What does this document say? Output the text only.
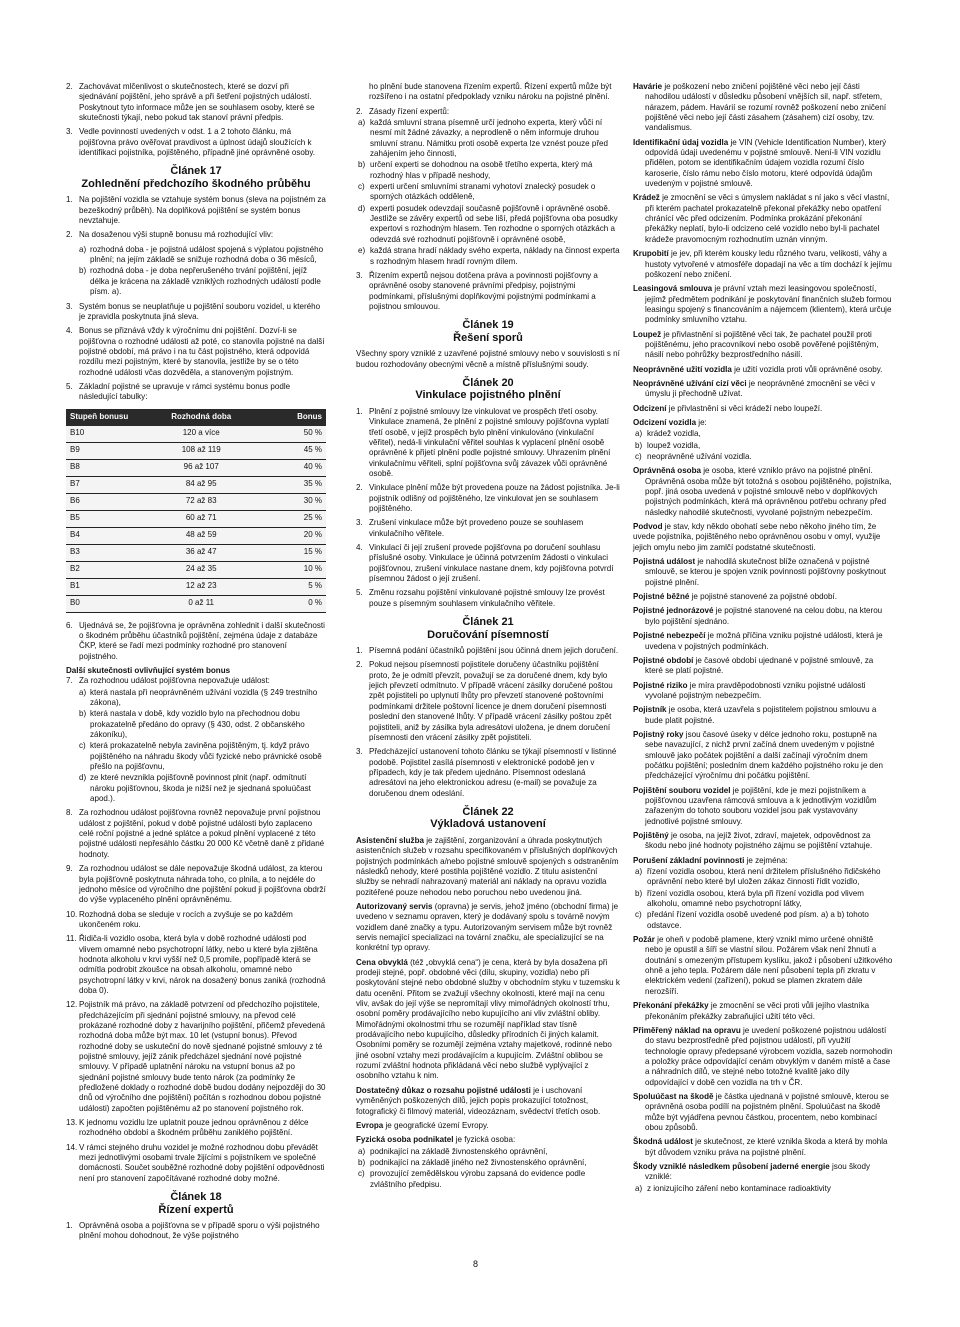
2. Zachovávat mlčenlivost o skutečnostech, které se dozví při sjednávání pojištění, jeho správě a při šetření pojistných událostí. Poskytnout tyto informace může jen se souhlasem osoby, které se skutečnosti týkají, nebo pokud tak stanoví právní předpis.
3. Vedle povinností uvedených v odst. 1 a 2 tohoto článku, má pojišťovna právo ověřovat pravdivost a úplnost údajů sloužících k identifikaci pojistníka, pojištěného, případně jiné oprávněné osoby.
Článek 17
Zohlednění předchozího škodného průběhu
1. Na pojištění vozidla se vztahuje systém bonus (sleva na pojistném za bezeškodný průběh). Na doplňková pojištění se systém bonus nevztahuje.
2. Na dosaženou výši stupně bonusu má rozhodující vliv:
a) rozhodná doba - je pojistná událost spojená s výplatou pojistného plnění; na jejím základě se snižuje rozhodná doba o 36 měsíců,
b) rozhodná doba - je doba nepřerušeného trvání pojištění, jejíž délka je krácena na základě vzniklých rozhodných událostí podle písm. a).
3. Systém bonus se neuplatňuje u pojištění souboru vozidel, u kterého je zpravidla poskytnuta jiná sleva.
4. Bonus se přiznává vždy k výročnímu dni pojištění. Dozví-li se pojišťovna o rozhodné události až poté, co stanovila pojistné na další pojistné období, má právo i na tu část pojistného, která odpovídá rozdílu mezi pojistným, které by stanovila, jestliže by se o této rozhodné události včas dozvěděla, a stanoveným pojistným.
5. Základní pojistné se upravuje v rámci systému bonus podle následující tabulky:
Stupeň bonusu	Rozhodná doba	Bonus
B10	120 a více	50 %
B9	108 až 119	45 %
B8	96 až 107	40 %
B7	84 až 95	35 %
B6	72 až 83	30 %
B5	60 až 71	25 %
B4	48 až 59	20 %
B3	36 až 47	15 %
B2	24 až 35	10 %
B1	12 až 23	5 %
B0	0 až 11	0 %
6. Ujednává se, že pojišťovna je oprávněna zohlednit i další skutečnosti o škodném průběhu účastníků pojištění, zejména údaje z databáze ČKP, které se řadí mezi podmínky rozhodné pro stanovení pojistného.

Další skutečnosti ovlivňující systém bonus

7. Za rozhodnou událost pojišťovna nepovažuje událost:
a) která nastala při neoprávněném užívání vozidla (§ 249 trestního zákona),
b) která nastala v době, kdy vozidlo bylo na přechodnou dobu prokazatelně předáno do opravy (§ 430, odst. 2 občanského zákoníku),
c) která prokazatelně nebyla zaviněna pojištěným, tj. když právo pojištěného na náhradu škody vůči fyzické nebo právnické osobě přešlo na pojišťovnu,
d) ze které nevznikla pojišťovně povinnost plnit (např. odmítnutí nároku pojišťovnou, škoda je nižší než je sjednaná spoluúčast apod.).
8. Za rozhodnou událost pojišťovna rovněž nepovažuje první pojistnou událost z pojištění, pokud v době pojistné události bylo zaplaceno celé roční pojistné a jedné splátce a pokud plnění vyplacené z této pojistné události nepřesáhlo částku 20 000 Kč včetně daně z přidané hodnoty.
9. Za rozhodnou událost se dále nepovažuje škodná událost, za kterou byla pojišťovně poskytnuta náhrada toho, co plnila, a to nejdéle do jednoho měsíce od výročního dne pojištění pokud ji pojišťovna obdrží do výše vyplaceného plnění oprávněnému.
10. Rozhodná doba se sleduje v rocích a zvyšuje se po každém ukončeném roku.
11. Řidiča-li vozidlo osoba, která byla v době rozhodné události pod vlivem omamné nebo psychotropní látky, nebo u které byla zjištěna hodnota alkoholu v krvi vyšší než 0,5 promile, popřípadě která se odmítla podrobit zkoušce na obsah alkoholu, omamné nebo psychotropní látky v krvi, nárok na dosažený bonus zaniká (rozhodná doba 0).
12. Pojistník má právo, na základě potvrzení od předchozího pojistitele, předcházejícím při sjednání pojistné smlouvy, na převod celé prokázané rozhodné doby z havarijního pojištění, přičemž převedená rozhodná doba může být max. 10 let (vstupní bonus). Převod rozhodné doby se uskuteční do nově sjednané pojistné smlouvy z té pojistné smlouvy, jejíž zánik předcházel sjednání nové pojistné smlouvy. V případě uplatnění nároku na vstupní bonus až po sjednání pojistné smlouvy bude tento nárok (za podmínky že předložené doklady o rozhodné době budou dodány nejpozději do 30 dnů od výročního dne pojištění) počítán s rozhodnou dobou pojistné události) započten pojištěnému až po stanovení pojistného rok.
13. K jednomu vozidlu lze uplatnit pouze jednou oprávněnou z délce rozhodného období a škodném průběhu zaniklého pojištění.
14. V rámci stejného druhu vozidel je možné rozhodnou dobu převádět mezi jednotlivými osobami trvale žijícími s pojistníkem ve společné domácnosti. Součet souběžné rozhodné doby pojištění odpovědnosti není pro stanovení započítávané rozhodné doby možné.
Článek 18
Řízení expertů
1. Oprávněná osoba a pojišťovna se v případě sporu o výši pojistného plnění mohou dohodnout, že výše pojistného
ho plnění bude stanovena řízením expertů. Řízení expertů může být rozšířeno i na ostatní předpoklady vzniku nároku na pojistné plnění.
2. Zásady řízení expertů:
a) každá smluvní strana písemně určí jednoho experta, který vůči ní nesmí mít žádné závazky, a neprodleně o něm informuje druhou smluvní stranu. Námitku proti osobě experta lze vznést pouze před zahájením jeho činnosti,
b) určení experti se dohodnou na osobě třetího experta, který má rozhodný hlas v případě neshody,
c) experti určení smluvními stranami vyhotoví znalecký posudek o sporných otázkách odděleně,
d) experti posudek odevzdají současně pojišťovně i oprávněné osobě. Jestliže se závěry expertů od sebe liší, předá pojišťovna oba posudky expertovi s rozhodným hlasem. Ten rozhodne o sporných otázkách a odevzdá své rozhodnutí pojišťovně i oprávněné osobě,
e) každá strana hradí náklady svého experta, náklady na činnost experta s rozhodným hlasem hradí rovným dílem.
3. Řízením expertů nejsou dotčena práva a povinnosti pojišťovny a oprávněné osoby stanovené právními předpisy, pojistnými podmínkami, příslušnými doplňkovými pojistnými podmínkami a pojistnou smlouvou.
Článek 19
Řešení sporů

Všechny spory vzniklé z uzavřené pojistné smlouvy nebo v souvislosti s ní budou rozhodovány obecnými věcně a místně příslušnými soudy.

Článek 20
Vinkulace pojistného plnění
1. Plnění z pojistné smlouvy lze vinkulovat ve prospěch třetí osoby. Vinkulace znamená, že plnění z pojistné smlouvy pojišťovna vyplatí třetí osobě, v jejíž prospěch bylo plnění vinkulováno (vinkulační věřitel), nedá-li vinkulační věřitel souhlas k vyplacení plnění osobě oprávněné k přijetí plnění podle pojistné smlouvy. Uhrazením plnění vinkulačnímu věřiteli, splní pojišťovna svůj závazek vůči oprávněné osobě.
2. Vinkulace plnění může být provedena pouze na žádost pojistníka. Je-li pojistník odlišný od pojištěného, lze vinkulovat jen se souhlasem pojištěného.
3. Zrušení vinkulace může být provedeno pouze se souhlasem vinkulačního věřitele.
4. Vinkulací či její zrušení provede pojišťovna po doručení souhlasu příslušné osoby. Vinkulace je účinná potvrzením žádosti o vinkulaci pojišťovnou, zrušení vinkulace nastane dnem, kdy pojišťovna potvrdí písemnou žádost o její zrušení.
5. Změnu rozsahu pojištění vinkulované pojistné smlouvy lze provést pouze s písemným souhlasem vinkulačního věřitele.
Článek 21
Doručování písemností
1. Písemná podání účastníků pojištění jsou účinná dnem jejich doručení.
2. Pokud nejsou písemnosti pojistitele doručeny účastníku pojištění proto, že je odmítl převzít, považují se za doručené dnem, kdy bylo jejich převzetí odmítnuto. V případě vrácení zásilky doručené poštou zpět pojistiteli po uplynutí lhůty pro převzetí stanovené poštovními podmínkami držitele poštovní licence je dnem doručení písemnosti poslední den stanovené lhůty. V případě vrácení zásilky poštou zpět pojistiteli, aniž by zásilka byla adresátovi uložena, je dnem doručení písemnosti den vrácení zásilky zpět pojistiteli.
3. Předcházející ustanovení tohoto článku se týkají písemností v listinné podobě. Pojistitel zasílá písemnosti v elektronické podobě jen v případech, kdy je tak předem ujednáno. Písemnost odeslaná adresátovi na jeho elektronickou adresu (e-mail) se považuje za doručenou dnem odeslání.
Článek 22
Výkladová ustanovení

Asistenční služba je zajištění, zorganizování a úhrada poskytnutých asistenčních služeb v rozsahu specifikovaném v příslušných doplňkových pojistných podmínkách a/nebo pojistné smlouvě spojených s odstraněním následků nehody, které postihla pojištěné vozidlo. Z titulu asistenční služby se nehradí nahrazovaný materiál ani náklady na opravu vozidla pozitéřené pouze nehodou nebo poruchou nebo uvedenou jiná.

Autorizovaný servis (opravna) je servis, jehož jméno (obchodní firma) je uvedeno v seznamu opraven, který je dodávaný spolu s továrně novým vozidlem dané značky a typu. Autorizovaným servisem může být rovněž servis nemající specializaci na tovární značku, ale specializující se na konkrétní typ opravy.

Cena obvyklá (též „obvyklá cena“) je cena, která by byla dosažena při prodeji stejné, popř. obdobné věci (dílu, skupiny, vozidla) nebo při poskytování stejné nebo obdobné služby v obchodním styku v tuzemsku k datu ocenění. Přitom se zvažují všechny okolnosti, které mají na cenu vliv, avšak do její výše se nepromítají vlivy mimořádných okolností trhu, osobní poměry prodávajícího nebo kupujícího ani vliv zvláštní obliby. Mimořádnými okolnostmi trhu se rozumějí například stav tísně prodávajícího nebo kupujícího, důsledky přírodních či jiných kalamit. Osobními poměry se rozumějí zejména vztahy majetkové, rodinné nebo jiné osobní vztahy mezi prodávajícím a kupujícím. Zvláštní oblibou se rozumí zvláštní hodnota přikládaná věci nebo službě vyplývající z osobního vztahu k nim.

Dostatečný důkaz o rozsahu pojistné události je i uschovaní vyměněných poškozených dílů, jejich popis prokazující totožnost, fotografický či filmový materiál, videozáznam, svědectví třetích osob.

Evropa je geografické území Evropy.

Fyzická osoba podnikatel je fyzická osoba:

a) podnikající na základě živnostenského oprávnění,
b) podnikající na základě jiného než živnostenského oprávnění,
c) provozující zemědělskou výrobu zapsaná do evidence podle zvláštního předpisu.

Havárie je poškození nebo zničení pojištěné věci nebo její části nahodilou událostí v důsledku působení vnějších sil, např. střetem, nárazem, pádem. Havárií se rozumí rovněž poškození nebo zničení pojištěné věci nebo její části zásahem (zásahem) cizí osoby, tzv. vandalismus.

Identifikační údaj vozidla je VIN (Vehicle Identification Number), který odpovídá údaji uvedenému v pojistné smlouvě. Není-li VIN vozidlu přidělen, potom se identifikačním údajem vozidla rozumí číslo karoserie, číslo rámu nebo číslo motoru, které odpovídá údajům uvedeným v pojistné smlouvě.

Krádež je zmocnění se věci s úmyslem nakládat s ní jako s věcí vlastní, při kterém pachatel prokazatelně překonal překážky nebo opatření chránící věc před odcizením. Podmínka prokázání překonání překážky neplatí, bylo-li odcizeno celé vozidlo nebo byl-li pachatel krádeže pravomocným rozhodnutím uznán vinným.

Krupobití je jev, při kterém kousky ledu různého tvaru, velikosti, váhy a hustoty vytvořené v atmosféře dopadají na věc a tím dochází k jejímu poškození nebo zničení.

Leasingová smlouva je právní vztah mezi leasingovou společností, jejímž předmětem podnikání je poskytování finančních služeb formou leasingu spojený s financováním a nájemcem (klientem), která určuje podmínky smluvního vztahu.

Loupež je přivlastnění si pojištěné věci tak, že pachatel použil proti pojištěnému, jeho pracovníkovi nebo osobě pověřené pojištěným, násilí nebo pohrůžky bezprostředního násilí.

Neoprávněné užití vozidla je užití vozidla proti vůli oprávněné osoby.

Neoprávněné užívání cizí věci je neoprávněné zmocnění se věci v úmyslu ji přechodně užívat.

Odcizení je přivlastnění si věci krádeží nebo loupeží.

Odcizení vozidla je:

a) krádež vozidla,
b) loupež vozidla,
c) neoprávněné užívání vozidla.

Oprávněná osoba je osoba, které vzniklo právo na pojistné plnění. Oprávněná osoba může být totožná s osobou pojištěného, pojistníka, popř. jiná osoba uvedená v pojistné smlouvě nebo v doplňkových pojistných podmínkách, která má oprávněnou potřebu ochrany před následky nahodilé skutečnosti, vyvolané pojistným nebezpečím.

Podvod je stav, kdy někdo obohatí sebe nebo někoho jiného tím, že uvede pojistníka, pojištěného nebo oprávněnou osobu v omyl, využije jejich omylu nebo jim zamlčí podstatné skutečnosti.

Pojistná událost je nahodilá skutečnost blíže označená v pojistné smlouvě, se kterou je spojen vznik povinnosti pojišťovny poskytnout pojistné plnění.

Pojistné běžné je pojistné stanovené za pojistné období.

Pojistné jednorázové je pojistné stanovené na celou dobu, na kterou bylo pojištění sjednáno.

Pojistné nebezpečí je možná příčina vzniku pojistné události, která je uvedena v pojistných podmínkách.

Pojistné období je časové období ujednané v pojistné smlouvě, za které se platí pojistné.

Pojistné riziko je míra pravděpodobnosti vzniku pojistné události vyvolané pojistným nebezpečím.

Pojistník je osoba, která uzavřela s pojistitelem pojistnou smlouvu a bude platit pojistné.

Pojistný roky jsou časové úseky v délce jednoho roku, postupně na sebe navazující, z nichž první začíná dnem uvedeným v pojistné smlouvě jako počátek pojištění a další začínají výročním dnem počátku pojištění; posledním dnem každého pojistného roku je den předcházející výročnímu dni počátku pojištění.

Pojištění souboru vozidel je pojištění, kde je mezi pojistníkem a pojišťovnou uzavřena rámcová smlouva a k jednotlivým vozidlům zařazeným do tohoto souboru vozidel jsou pak vystavovány jednotlivé pojistné smlouvy.

Pojištěný je osoba, na jejíž život, zdraví, majetek, odpovědnost za škodu nebo jiné hodnoty pojistného zájmu se pojištění vztahuje.

Porušení základní povinnosti je zejména:

a) řízení vozidla osobou, která není držitelem příslušného řidičského oprávnění nebo které byl uložen zákaz činnosti řídit vozidlo,
b) řízení vozidla osobou, která byla při řízení vozidla pod vlivem alkoholu, omamné nebo psychotropní látky,
c) předání řízení vozidla osobě uvedené pod písm. a) a b) tohoto odstavce.

Požár je oheň v podobě plamene, který vznikl mimo určené ohniště nebo je opustil a šíří se vlastní silou. Požárem však není žhnutí a doutnání s omezeným přístupem kyslíku, jakož i působení užitkového ohně a jeho tepla. Požárem dále není působení tepla při zkratu v elektrickém vedení (zařízení), pokud se plamen zkratem dále nerozšíří.

Překonání překážky je zmocnění se věci proti vůli jejího vlastníka překonáním překážky zabraňující užití této věci.

Přiměřený náklad na opravu je uvedení poškozené pojistnou událostí do stavu bezprostředně před pojistnou událostí, při využití technologie opravy předepsané výrobcem vozidla, sazeb normohodin a položky práce odpovídající cenám obvyklým v daném místě a čase a náhradních dílů, ve stejné nebo totožné kvalitě jako díly odpovídající v době cen vozidla na trh v ČR.

Spoluúčast na škodě je částka ujednaná v pojistné smlouvě, kterou se oprávněná osoba podílí na pojistném plnění. Spoluúčast na škodě může být vyjádřena pevnou částkou, procentem, nebo kombinací obou způsobů.

Škodná událost je skutečnost, ze které vznikla škoda a která by mohla být důvodem vzniku práva na pojistné plnění.

Škody vzniklé následkem působení jaderné energie jsou škody vzniklé:

a) z ionizujícího záření nebo kontaminace radioaktivity
8
